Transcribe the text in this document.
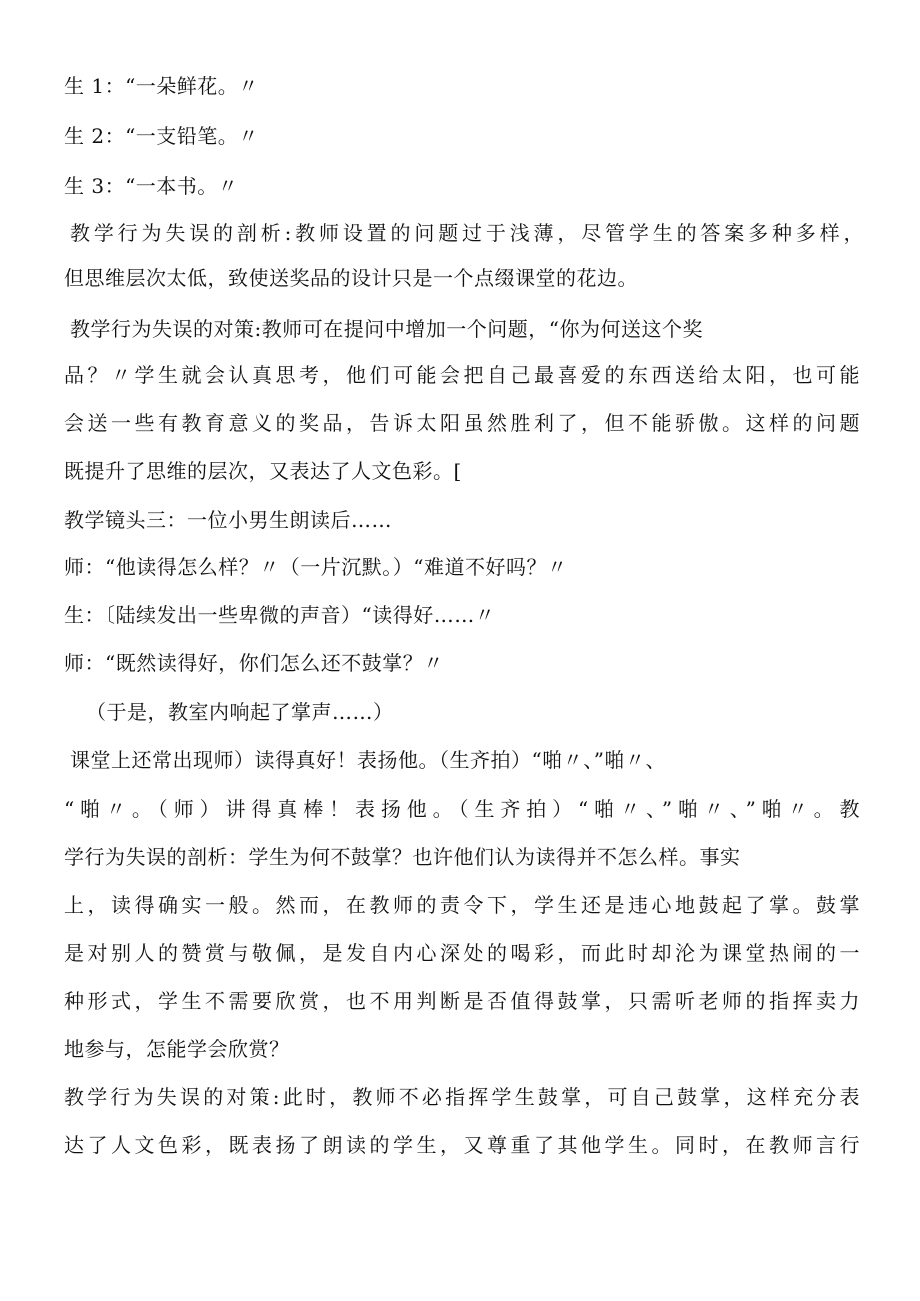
生 1：“一朵鲜花。〃
生 2：“一支铅笔。〃
生 3：“一本书。〃
教学行为失误的剖析:教师设置的问题过于浅薄，尽管学生的答案多种多样，
但思维层次太低，致使送奖品的设计只是一个点缀课堂的花边。
教学行为失误的对策:教师可在提问中增加一个问题，“你为何送这个奖
品？〃学生就会认真思考，他们可能会把自己最喜爱的东西送给太阳，也可能
会送一些有教育意义的奖品，告诉太阳虽然胜利了，但不能骄傲。这样的问题
既提升了思维的层次，又表达了人文色彩。[
教学镜头三：一位小男生朗读后……
师：“他读得怎么样？〃（一片沉默。）“难道不好吗？〃
生：〔陆续发出一些卑微的声音）“读得好……〃
师：“既然读得好，你们怎么还不鼓掌？〃
（于是，教室内响起了掌声……）
课堂上还常出现师）读得真好！表扬他。（生齐拍）“啪〃、”啪〃、
“啪〃。（师）讲得真棒！表扬他。（生齐拍）“啪〃、”啪〃、”啪〃。教
学行为失误的剖析：学生为何不鼓掌？也许他们认为读得并不怎么样。事实
上，读得确实一般。然而，在教师的责令下，学生还是违心地鼓起了掌。鼓掌
是对别人的赞赏与敬佩，是发自内心深处的喝彩，而此时却沦为课堂热闹的一
种形式，学生不需要欣赏，也不用判断是否值得鼓掌，只需听老师的指挥卖力
地参与，怎能学会欣赏？
教学行为失误的对策:此时，教师不必指挥学生鼓掌，可自己鼓掌，这样充分表
达了人文色彩，既表扬了朗读的学生，又尊重了其他学生。同时，在教师言行
